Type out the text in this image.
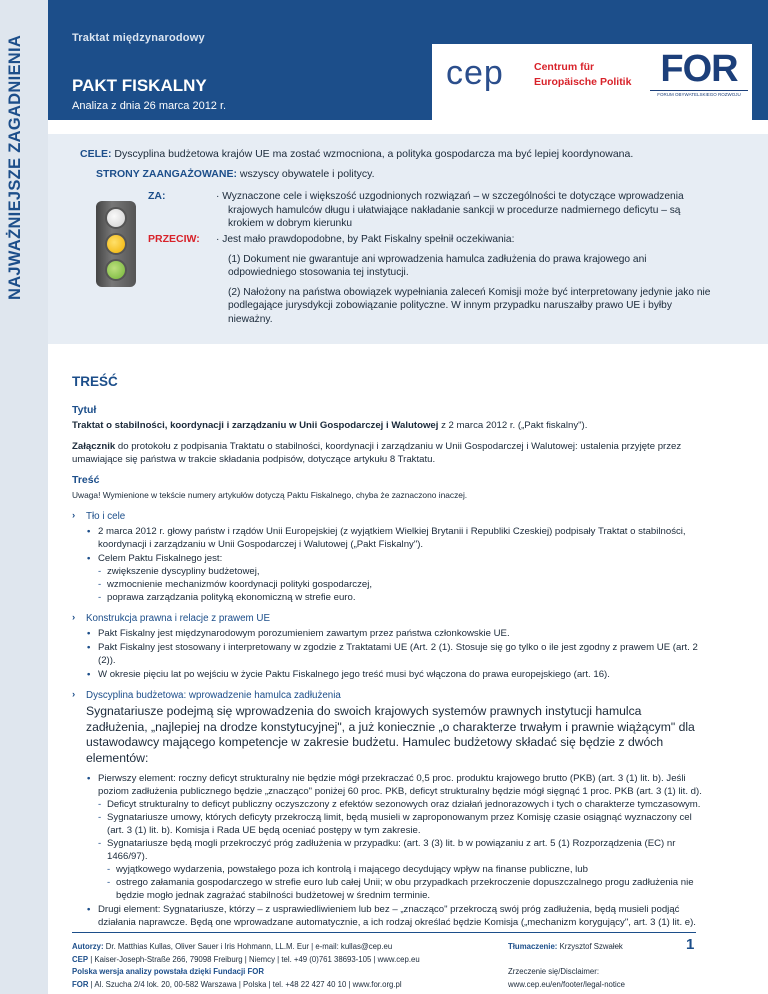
Traktat międzynarodowy
PAKT FISKALNY
Analiza z dnia 26 marca 2012 r.
cep	Centrum für
Europäische Politik FOR
FORUM OBYWATELSKIEGO ROZWOJU
NAJWAŻNIEJSZE ZAGADNIENIA	CELE: Dyscyplina budżetowa krajów UE ma zostać wzmocniona, a polityka gospodarcza ma być lepiej koordynowana.
STRONY ZAANGAŻOWANE: wszyscy obywatele i politycy.
ZA:	· Wyznaczone cele i większość uzgodnionych rozwiązań – w szczególności te dotyczące wprowadzenia krajowych hamulców długu i ułatwiające nakładanie sankcji w procedurze nadmiernego deficytu – są krokiem w dobrym kierunku
PRZECIW: · Jest mało prawdopodobne, by Pakt Fiskalny spełnił oczekiwania:

(1) Dokument nie gwarantuje ani wprowadzenia hamulca zadłużenia do prawa krajowego ani odpowiedniego stosowania tej instytucji.

(2) Nałożony na państwa obowiązek wypełniania zaleceń Komisji może być interpretowany jedynie jako nie podlegające jurysdykcji zobowiązanie polityczne. W innym przypadku naruszałby prawo UE i byłby nieważny.

TREŚĆ
Tytuł
Traktat o stabilności, koordynacji i zarządzaniu w Unii Gospodarczej i Walutowej z 2 marca 2012 r. („Pakt fiskalny").
Załącznik do protokołu z podpisania Traktatu o stabilności, koordynacji i zarządzaniu w Unii Gospodarczej i Walutowej: ustalenia przyjęte przez umawiające się państwa w trakcie składania podpisów, dotyczące artykułu 8 Traktatu.
Treść
Uwaga! Wymienione w tekście numery artykułów dotyczą Paktu Fiskalnego, chyba że zaznaczono inaczej.
› Tło i cele
• 2 marca 2012 r. głowy państw i rządów Unii Europejskiej (z wyjątkiem Wielkiej Brytanii i Republiki Czeskiej) podpisały Traktat o stabilności, koordynacji i zarządzaniu w Unii Gospodarczej i Walutowej („Pakt Fiskalny").
• Celem Paktu Fiskalnego jest:
- zwiększenie dyscypliny budżetowej,
- wzmocnienie mechanizmów koordynacji polityki gospodarczej,
- poprawa zarządzania polityką ekonomiczną w strefie euro.
› Konstrukcja prawna i relacje z prawem UE
• Pakt Fiskalny jest międzynarodowym porozumieniem zawartym przez państwa członkowskie UE.
• Pakt Fiskalny jest stosowany i interpretowany w zgodzie z Traktatami UE (Art. 2 (1). Stosuje się go tylko o ile jest zgodny z prawem UE (art. 2 (2)).
• W okresie pięciu lat po wejściu w życie Paktu Fiskalnego jego treść musi być włączona do prawa europejskiego (art. 16).
› Dyscyplina budżetowa: wprowadzenie hamulca zadłużenia
Sygnatariusze podejmą się wprowadzenia do swoich krajowych systemów prawnych instytucji hamulca zadłużenia, „najlepiej na drodze konstytucyjnej", a już koniecznie „o charakterze trwałym i prawnie wiążącym" dla ustawodawcy mającego kompetencje w zakresie budżetu. Hamulec budżetowy składać się będzie z dwóch elementów:
• Pierwszy element: roczny deficyt strukturalny nie będzie mógł przekraczać 0,5 proc. produktu krajowego brutto (PKB) (art. 3 (1) lit. b). Jeśli poziom zadłużenia publicznego będzie „znacząco" poniżej 60 proc. PKB, deficyt strukturalny będzie mógł sięgnąć 1 proc. PKB (art. 3 (1) lit. d).
- Deficyt strukturalny to deficyt publiczny oczyszczony z efektów sezonowych oraz działań jednorazowych i tych o charakterze tymczasowym.
- Sygnatariusze umowy, których deficyty przekroczą limit, będą musieli w zaproponowanym przez Komisję czasie osiągnąć wyznaczony cel (art. 3 (1) lit. b). Komisja i Rada UE będą oceniać postępy w tym zakresie.
- Sygnatariusze będą mogli przekroczyć próg zadłużenia w przypadku: (art. 3 (3) lit. b w powiązaniu z art. 5 (1) Rozporządzenia (EC) nr 1466/97).
- wyjątkowego wydarzenia, powstałego poza ich kontrolą i mającego decydujący wpływ na finanse publiczne, lub
- ostrego załamania gospodarczego w strefie euro lub całej Unii; w obu przypadkach przekroczenie dopuszczalnego progu zadłużenia nie będzie mogło jednak zagrażać stabilności budżetowej w średnim terminie.
• Drugi element: Sygnatariusze, którzy – z usprawiedliwieniem lub bez – „znacząco" przekroczą swój próg zadłużenia, będą musieli podjąć działania naprawcze. Będą one wprowadzane automatycznie, a ich rodzaj określać będzie Komisja („mechanizm korygujący", art. 3 (1) lit. e).
Autorzy: Dr. Matthias Kullas, Oliver Sauer i Iris Hohmann, LL.M. Eur | e-mail: kullas@cep.eu
CEP | Kaiser-Joseph-Straße 266, 79098 Freiburg | Niemcy | tel. +49 (0)761 38693-105 | www.cep.eu
Polska wersja analizy powstała dzięki Fundacji FOR
FOR | Al. Szucha 2/4 lok. 20, 00-582 Warszawa | Polska | tel. +48 22 427 40 10 | www.for.org.pl
Tłumaczenie: Krzysztof Szwałek

Zrzeczenie się/Disclaimer:
www.cep.eu/en/footer/legal-notice
1
